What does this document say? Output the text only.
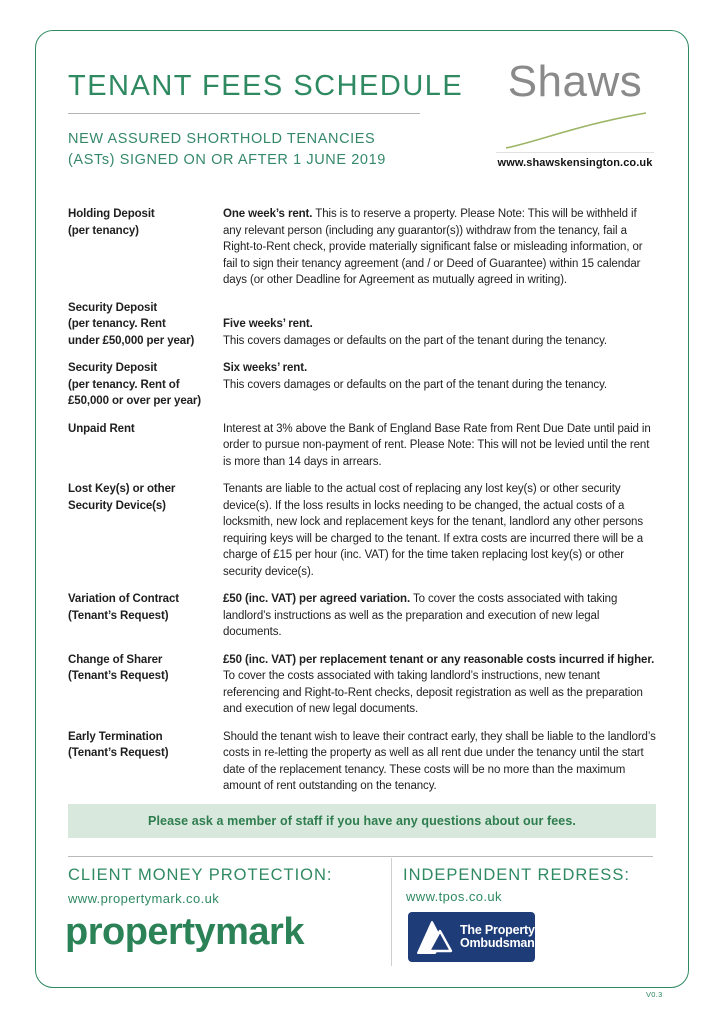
TENANT FEES SCHEDULE
NEW ASSURED SHORTHOLD TENANCIES
(ASTs) SIGNED ON OR AFTER 1 JUNE 2019
Shaws
www.shawskensington.co.uk
Holding Deposit
(per tenancy)
One week’s rent. This is to reserve a property. Please Note: This will be withheld if any relevant person (including any guarantor(s)) withdraw from the tenancy, fail a Right-to-Rent check, provide materially significant false or misleading information, or fail to sign their tenancy agreement (and / or Deed of Guarantee) within 15 calendar days (or other Deadline for Agreement as mutually agreed in writing).
Security Deposit
(per tenancy. Rent
under £50,000 per year)
Five weeks’ rent.
This covers damages or defaults on the part of the tenant during the tenancy.
Security Deposit
(per tenancy. Rent of
£50,000 or over per year)
Six weeks’ rent.
This covers damages or defaults on the part of the tenant during the tenancy.
Unpaid Rent	Interest at 3% above the Bank of England Base Rate from Rent Due Date until paid in order to pursue non-payment of rent. Please Note: This will not be levied until the rent is more than 14 days in arrears.
Lost Key(s) or other
Security Device(s)
Tenants are liable to the actual cost of replacing any lost key(s) or other security device(s). If the loss results in locks needing to be changed, the actual costs of a locksmith, new lock and replacement keys for the tenant, landlord any other persons requiring keys will be charged to the tenant. If extra costs are incurred there will be a charge of £15 per hour (inc. VAT) for the time taken replacing lost key(s) or other security device(s).
Variation of Contract
(Tenant’s Request)
£50 (inc. VAT) per agreed variation. To cover the costs associated with taking landlord’s instructions as well as the preparation and execution of new legal documents.
Change of Sharer
(Tenant’s Request)
£50 (inc. VAT) per replacement tenant or any reasonable costs incurred if higher.
To cover the costs associated with taking landlord’s instructions, new tenant referencing and Right-to-Rent checks, deposit registration as well as the preparation and execution of new legal documents.
Early Termination
(Tenant’s Request)
Should the tenant wish to leave their contract early, they shall be liable to the landlord’s costs in re-letting the property as well as all rent due under the tenancy until the start date of the replacement tenancy. These costs will be no more than the maximum amount of rent outstanding on the tenancy.
Please ask a member of staff if you have any questions about our fees.
CLIENT MONEY PROTECTION:
www.propertymark.co.uk
propertymark
INDEPENDENT REDRESS:
www.tpos.co.uk
The Property
Ombudsman
V0.3
